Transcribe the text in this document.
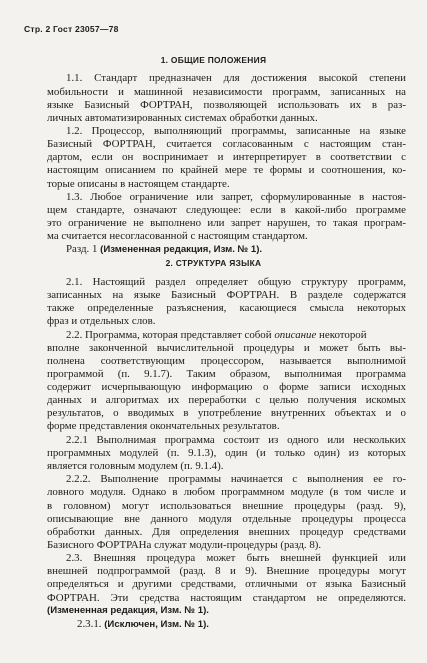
Стр. 2 Гост 23057—78
1. ОБЩИЕ ПОЛОЖЕНИЯ
1.1. Стандарт предназначен для достижения высокой степени
мобильности и машинной независимости программ, записанных на
языке Базисный ФОРТРАН, позволяющей использовать их в раз-
личных автоматизированных системах обработки данных.
1.2. Процессор, выполняющий программы, записанные на языке
Базисный ФОРТРАН, считается согласованным с настоящим стан-
дартом, если он воспринимает и интерпретирует в соответствии с
настоящим описанием по крайней мере те формы и соотношения, ко-
торые описаны в настоящем стандарте.
1.3. Любое ограничение или запрет, сформулированные в настоя-
щем стандарте, означают следующее: если в какой-либо программе
это ограничение не выполнено или запрет нарушен, то такая програм-
ма считается несогласованной с настоящим стандартом.
Разд. 1 (Измененная редакция, Изм. № 1).
2. СТРУКТУРА ЯЗЫКА
2.1. Настоящий раздел определяет общую структуру программ,
записанных на языке Базисный ФОРТРАН. В разделе содержатся
также определенные разъяснения, касающиеся смысла некоторых
фраз и отдельных слов.
2.2. Программа, которая представляет собой описание некоторой
вполне законченной вычислительной процедуры и может быть вы-
полнена соответствующим процессором, называется выполнимой
программой (п. 9.1.7). Таким образом, выполнимая программа
содержит исчерпывающую информацию о форме записи исходных
данных и алгоритмах их переработки с целью получения искомых
результатов, о вводимых в употребление внутренних объектах и о
форме представления окончательных результатов.
2.2.1 Выполнимая программа состоит из одного или нескольких
программных модулей (п. 9.1.3), один (и только один) из которых
является головным модулем (п. 9.1.4).
2.2.2. Выполнение программы начинается с выполнения ее го-
ловного модуля. Однако в любом программном модуле (в том числе и
в головном) могут использоваться внешние процедуры (разд. 9),
описывающие вне данного модуля отдельные процедуры процесса
обработки данных. Для определения внешних процедур средствами
Базисного ФОРТРАНа служат модули-процедуры (разд. 8).
2.3. Внешняя процедура может быть внешней функцией или
внешней подпрограммой (разд. 8 и 9). Внешние процедуры могут
определяться и другими средствами, отличными от языка Базисный
ФОРТРАН. Эти средства настоящим стандартом не определяются.
(Измененная редакция, Изм. № 1).
2.3.1. (Исключен, Изм. № 1).
